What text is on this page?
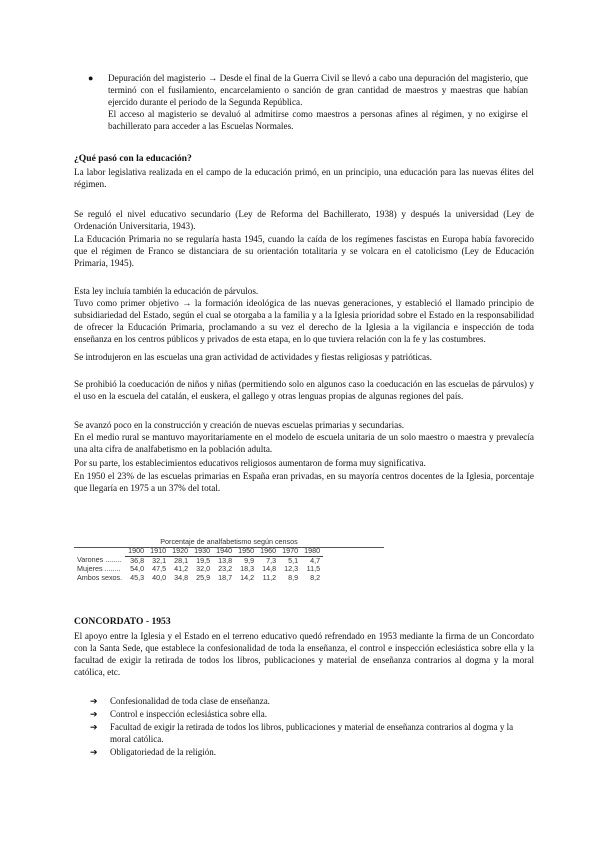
● Depuración del magisterio → Desde el final de la Guerra Civil se llevó a cabo una depuración del magisterio, que terminó con el fusilamiento, encarcelamiento o sanción de gran cantidad de maestros y maestras que habían ejercido durante el periodo de la Segunda República.
El acceso al magisterio se devaluó al admitirse como maestros a personas afines al régimen, y no exigirse el bachillerato para acceder a las Escuelas Normales.
¿Qué pasó con la educación?
La labor legislativa realizada en el campo de la educación primó, en un principio, una educación para las nuevas élites del régimen.
Se reguló el nivel educativo secundario (Ley de Reforma del Bachillerato, 1938) y después la universidad (Ley de Ordenación Universitaria, 1943).
La Educación Primaria no se regularía hasta 1945, cuando la caída de los regímenes fascistas en Europa había favorecido que el régimen de Franco se distanciara de su orientación totalitaria y se volcara en el catolicismo (Ley de Educación Primaria, 1945).
Esta ley incluía también la educación de párvulos.
Tuvo como primer objetivo → la formación ideológica de las nuevas generaciones, y estableció el llamado principio de subsidiariedad del Estado, según el cual se otorgaba a la familia y a la Iglesia prioridad sobre el Estado en la responsabilidad de ofrecer la Educación Primaria, proclamando a su vez el derecho de la Iglesia a la vigilancia e inspección de toda enseñanza en los centros públicos y privados de esta etapa, en lo que tuviera relación con la fe y las costumbres.
Se introdujeron en las escuelas una gran actividad de actividades y fiestas religiosas y patrióticas.
Se prohibió la coeducación de niños y niñas (permitiendo solo en algunos caso la coeducación en las escuelas de párvulos) y el uso en la escuela del catalán, el euskera, el gallego y otras lenguas propias de algunas regiones del país.
Se avanzó poco en la construcción y creación de nuevas escuelas primarias y secundarias.
En el medio rural se mantuvo mayoritariamente en el modelo de escuela unitaria de un solo maestro o maestra y prevalecía una alta cifra de analfabetismo en la población adulta.
Por su parte, los establecimientos educativos religiosos aumentaron de forma muy significativa.
En 1950 el 23% de las escuelas primarias en España eran privadas, en su mayoría centros docentes de la Iglesia, porcentaje que llegaría en 1975 a un 37% del total.
Porcentaje de analfabetismo según censos
	1900	1910	1920	1930	1940	1950	1960	1970	1980
Varones ........	36,8	32,1	28,1	19,5	13,8	9,9	7,3	5,1	4,7
Mujeres ........	54,0	47,5	41,2	32,0	23,2	18,3	14,8	12,3	11,5
Ambos sexos.	45,3	40,0	34,8	25,9	18,7	14,2	11,2	8,9	8,2
CONCORDATO - 1953
El apoyo entre la Iglesia y el Estado en el terreno educativo quedó refrendado en 1953 mediante la firma de un Concordato con la Santa Sede, que establece la confesionalidad de toda la enseñanza, el control e inspección eclesiástica sobre ella y la facultad de exigir la retirada de todos los libros, publicaciones y material de enseñanza contrarios al dogma y la moral católica, etc.
➔ Confesionalidad de toda clase de enseñanza.
➔ Control e inspección eclesiástica sobre ella.
➔ Facultad de exigir la retirada de todos los libros, publicaciones y material de enseñanza contrarios al dogma y la moral católica.
➔ Obligatoriedad de la religión.
